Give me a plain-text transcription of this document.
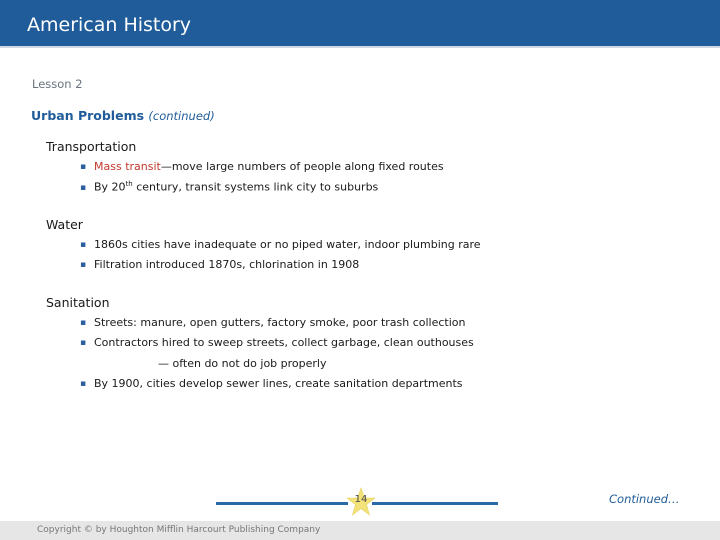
American History
Lesson 2
Urban Problems (continued)
Transportation
▪ Mass transit—move large numbers of people along fixed routes
▪ By 20th century, transit systems link city to suburbs
Water
▪ 1860s cities have inadequate or no piped water, indoor plumbing rare
▪ Filtration introduced 1870s, chlorination in 1908
Sanitation
▪ Streets: manure, open gutters, factory smoke, poor trash collection
▪ Contractors hired to sweep streets, collect garbage, clean outhouses
— often do not do job properly
▪ By 1900, cities develop sewer lines, create sanitation departments
14	Continued…
Copyright © by Houghton Mifflin Harcourt Publishing Company
